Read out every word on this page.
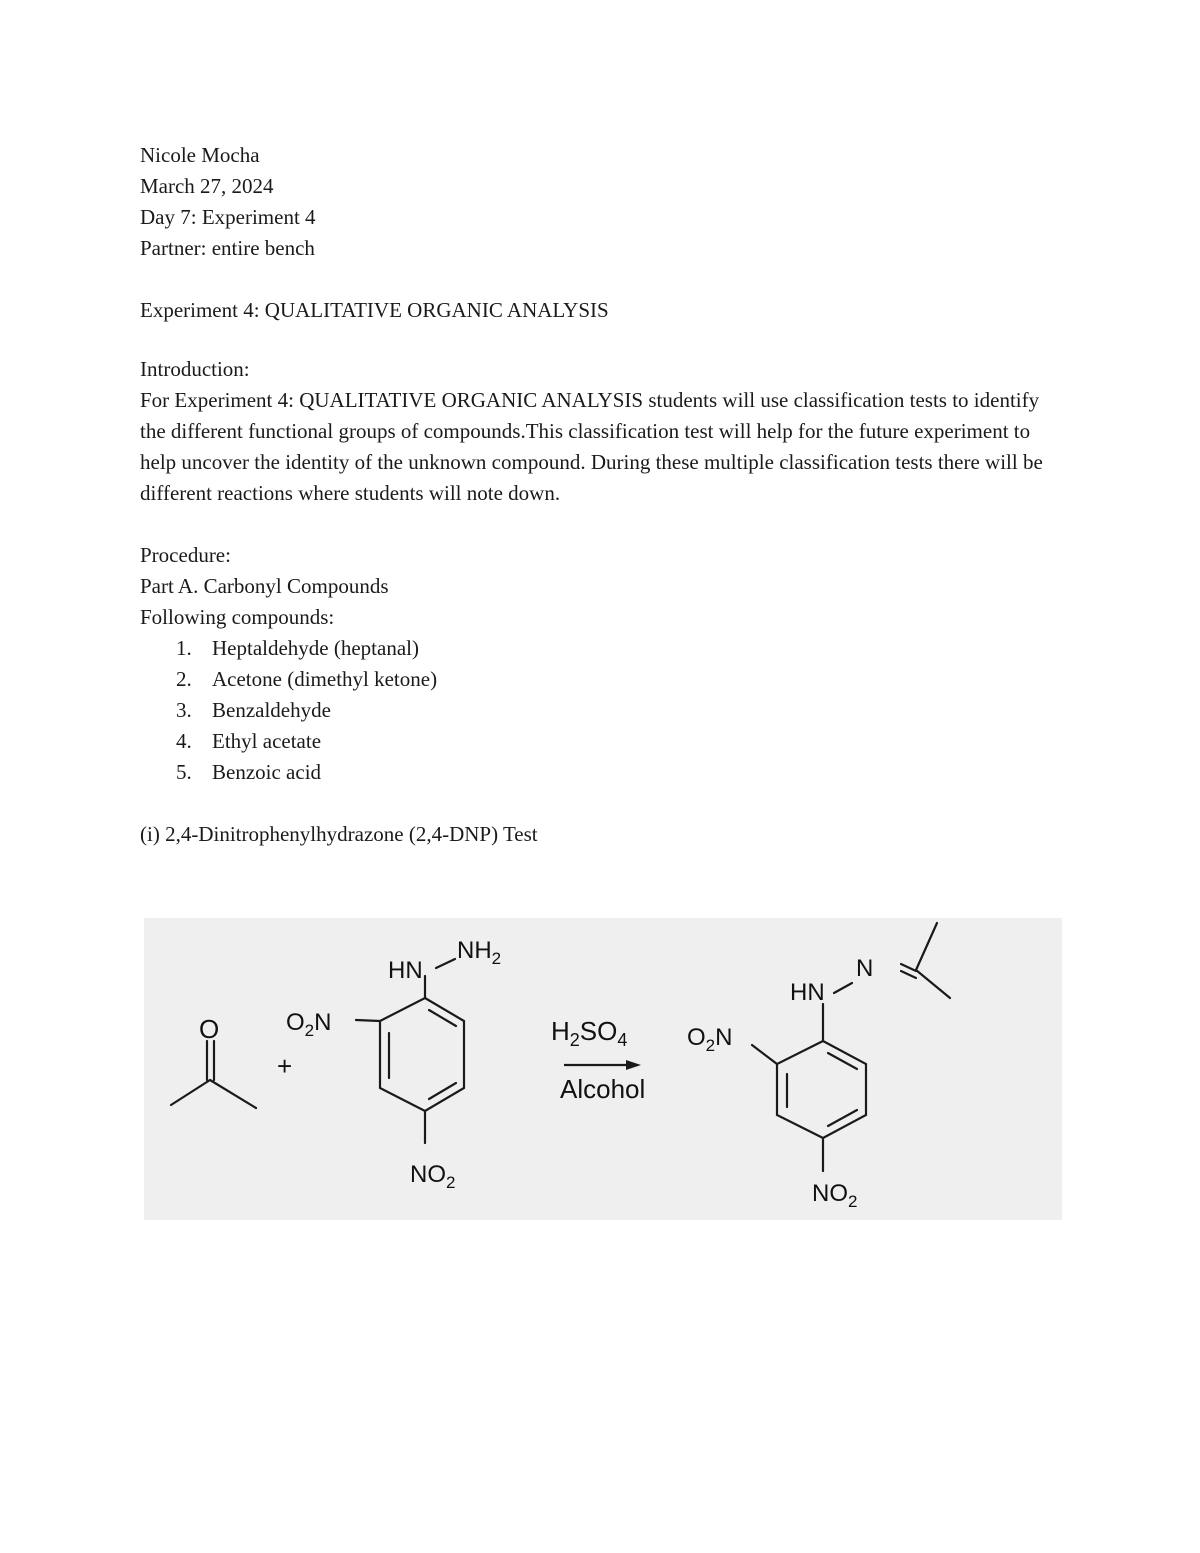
Nicole Mocha
March 27, 2024
Day 7: Experiment 4
Partner: entire bench
Experiment 4: QUALITATIVE ORGANIC ANALYSIS
Introduction:
For Experiment 4: QUALITATIVE ORGANIC ANALYSIS students will use classification tests to identify the different functional groups of compounds.This classification test will help for the future experiment to help uncover the identity of the unknown compound. During these multiple classification tests there will be different reactions where students will note down.
Procedure:
Part A. Carbonyl Compounds
Following compounds:
1. Heptaldehyde (heptanal)
2. Acetone (dimethyl ketone)
3. Benzaldehyde
4. Ethyl acetate
5. Benzoic acid
(i) 2,4-Dinitrophenylhydrazone (2,4-DNP) Test
O
+
HN
$NH_2$
$O_2N$
$NO_2$
$H_2SO_4$
Alcohol
HN
N
$O_2N$
$NO_2$
